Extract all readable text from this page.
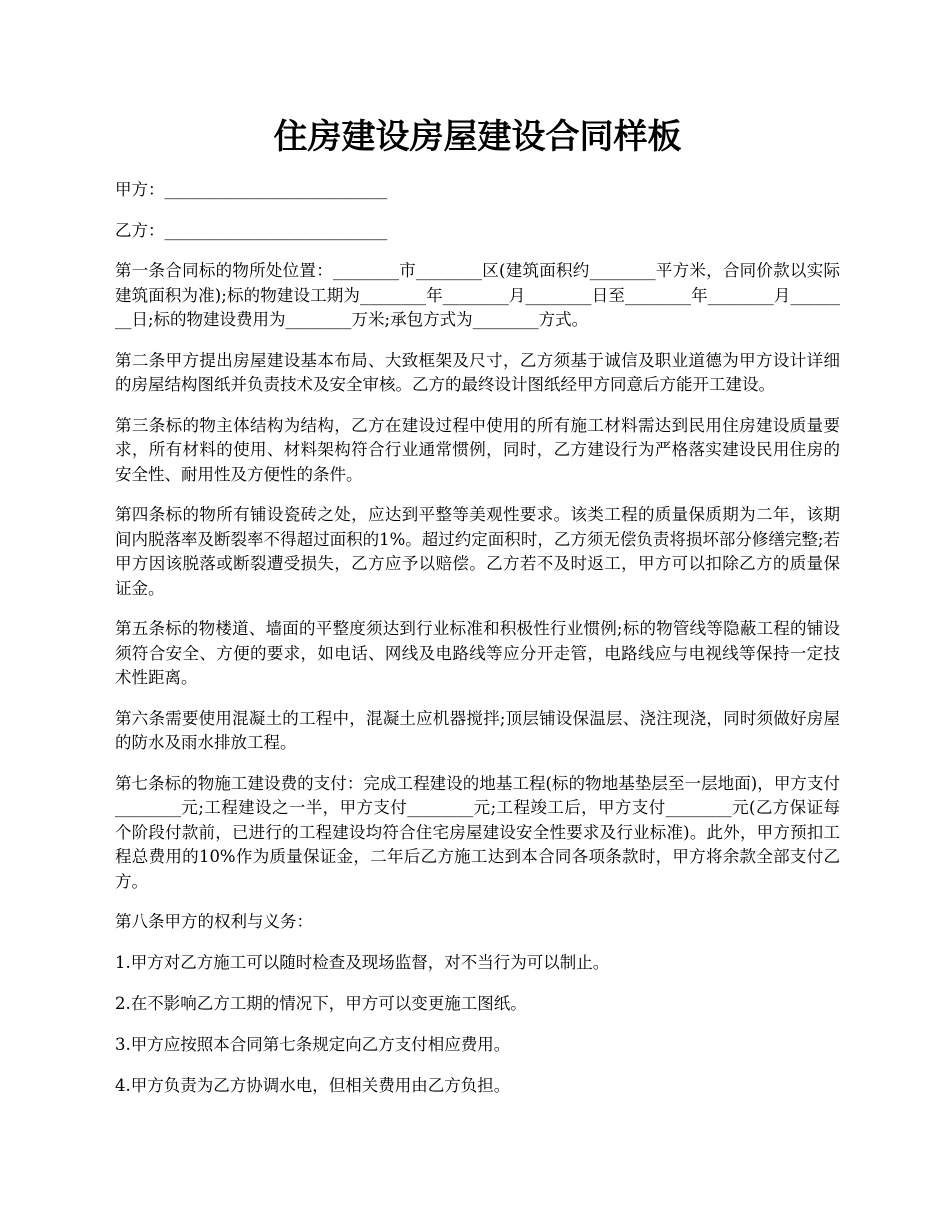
住房建设房屋建设合同样板

甲方：___________________________

乙方：___________________________

第一条合同标的物所处位置：________市________区(建筑面积约________平方米，合同价款以实际建筑面积为准);标的物建设工期为________年________月________日至________年________月________日;标的物建设费用为________万米;承包方式为________方式。

第二条甲方提出房屋建设基本布局、大致框架及尺寸，乙方须基于诚信及职业道德为甲方设计详细的房屋结构图纸并负责技术及安全审核。乙方的最终设计图纸经甲方同意后方能开工建设。

第三条标的物主体结构为结构，乙方在建设过程中使用的所有施工材料需达到民用住房建设质量要求，所有材料的使用、材料架构符合行业通常惯例，同时，乙方建设行为严格落实建设民用住房的安全性、耐用性及方便性的条件。

第四条标的物所有铺设瓷砖之处，应达到平整等美观性要求。该类工程的质量保质期为二年，该期间内脱落率及断裂率不得超过面积的1%。超过约定面积时，乙方须无偿负责将损坏部分修缮完整;若甲方因该脱落或断裂遭受损失，乙方应予以赔偿。乙方若不及时返工，甲方可以扣除乙方的质量保证金。

第五条标的物楼道、墙面的平整度须达到行业标准和积极性行业惯例;标的物管线等隐蔽工程的铺设须符合安全、方便的要求，如电话、网线及电路线等应分开走管，电路线应与电视线等保持一定技术性距离。

第六条需要使用混凝土的工程中，混凝土应机器搅拌;顶层铺设保温层、浇注现浇，同时须做好房屋的防水及雨水排放工程。

第七条标的物施工建设费的支付：完成工程建设的地基工程(标的物地基垫层至一层地面)，甲方支付________元;工程建设之一半，甲方支付________元;工程竣工后，甲方支付________元(乙方保证每个阶段付款前，已进行的工程建设均符合住宅房屋建设安全性要求及行业标准)。此外，甲方预扣工程总费用的10%作为质量保证金，二年后乙方施工达到本合同各项条款时，甲方将余款全部支付乙方。

第八条甲方的权利与义务：

1.甲方对乙方施工可以随时检查及现场监督，对不当行为可以制止。

2.在不影响乙方工期的情况下，甲方可以变更施工图纸。

3.甲方应按照本合同第七条规定向乙方支付相应费用。

4.甲方负责为乙方协调水电，但相关费用由乙方负担。
